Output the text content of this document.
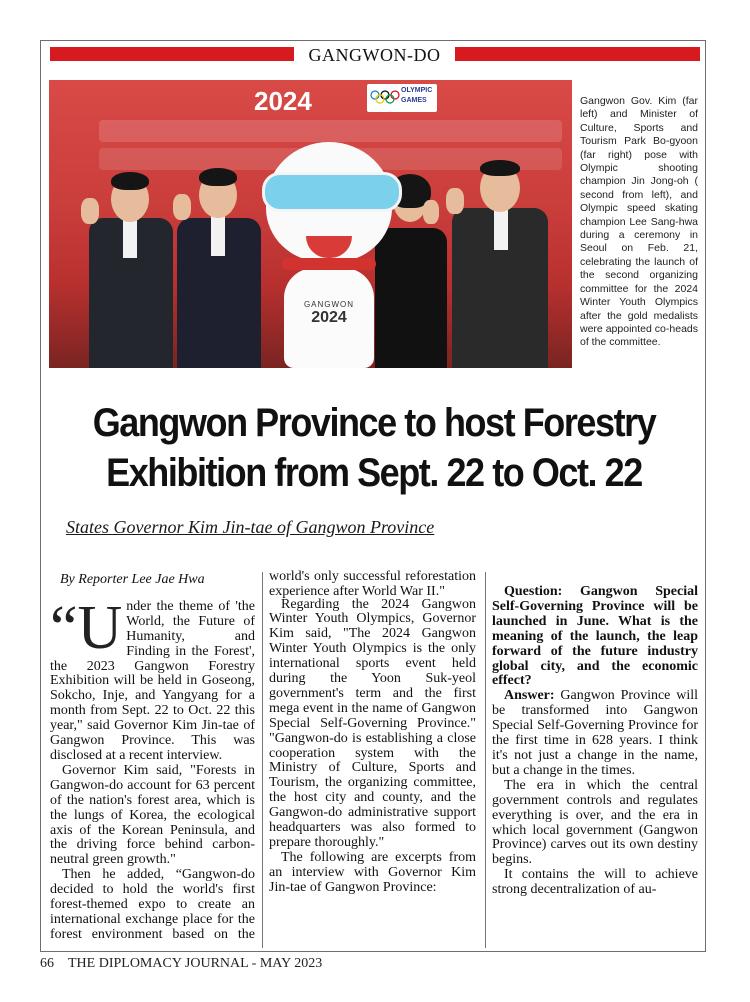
GANGWON-DO
2024	OLYMPIC GAMES
GANGWON
2024
Gangwon Gov. Kim (far left) and Minister of Culture, Sports and Tourism Park Bo-gyoon (far right) pose with Olympic shooting champion Jin Jong-oh ( second from left), and Olympic speed skating champion Lee Sang-hwa during a ceremony in Seoul on Feb. 21, celebrating the launch of the second organizing committee for the 2024 Winter Youth Olympics after the gold medalists were appointed co-heads of the committee.
Gangwon Province to host Forestry
Exhibition from Sept. 22 to Oct. 22
States Governor Kim Jin-tae of Gangwon Province
By Reporter Lee Jae Hwa

“Under the theme of 'the World, the Future of Humanity, and Finding in the Forest', the 2023 Gangwon Forestry Exhibition will be held in Goseong, Sokcho, Inje, and Yangyang for a month from Sept. 22 to Oct. 22 this year," said Governor Kim Jin-tae of Gangwon Province. This was disclosed at a recent interview.

Governor Kim said, "Forests in Gangwon-do account for 63 percent of the nation's forest area, which is the lungs of Korea, the ecological axis of the Korean Peninsula, and the driving force behind carbon-neutral green growth."

Then he added, “Gangwon-do decided to hold the world's first forest-themed expo to create an international exchange place for the forest environment based on the

world's only successful reforestation experience after World War II."

Regarding the 2024 Gangwon Winter Youth Olympics, Governor Kim said, "The 2024 Gangwon Winter Youth Olympics is the only international sports event held during the Yoon Suk-yeol government's term and the first mega event in the name of Gangwon Special Self-Governing Province." "Gangwon-do is establishing a close cooperation system with the Ministry of Culture, Sports and Tourism, the organizing committee, the host city and county, and the Gangwon-do administrative support headquarters was also formed to prepare thoroughly."

The following are excerpts from an interview with Governor Kim Jin-tae of Gangwon Province:

Question: Gangwon Special Self-Governing Province will be launched in June. What is the meaning of the launch, the leap forward of the future industry global city, and the economic effect?

Answer: Gangwon Province will be transformed into Gangwon Special Self-Governing Province for the first time in 628 years. I think it's not just a change in the name, but a change in the times.

The era in which the central government controls and regulates everything is over, and the era in which local government (Gangwon Province) carves out its own destiny begins.

It contains the will to achieve strong decentralization of au-

66 THE DIPLOMACY JOURNAL - MAY 2023
